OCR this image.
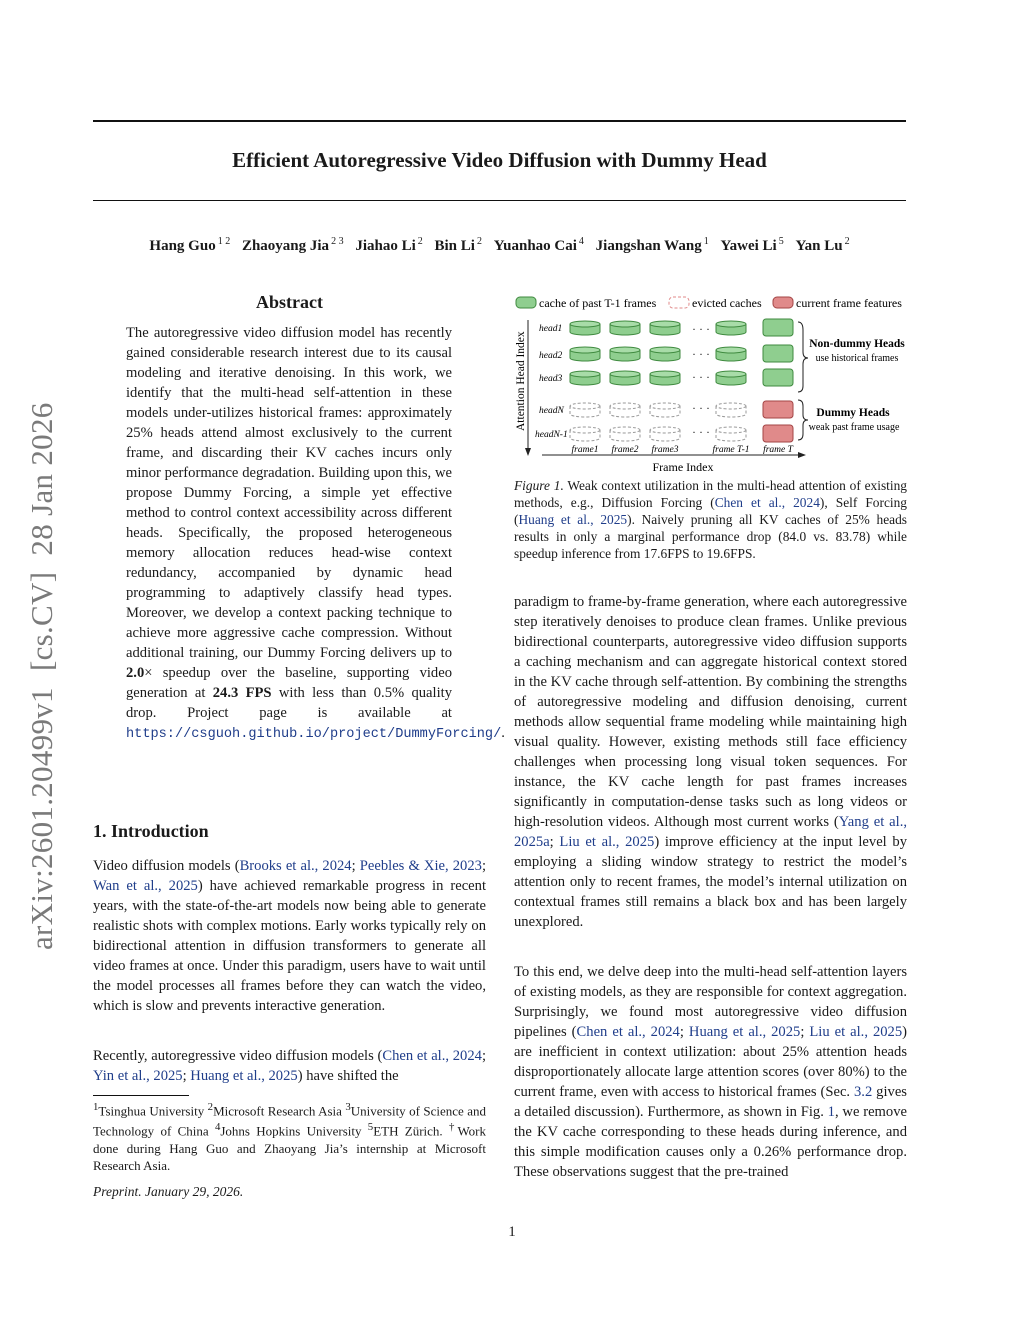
arXiv:2601.20499v1  [cs.CV]  28 Jan 2026
Efficient Autoregressive Video Diffusion with Dummy Head
Hang Guo $^{1 2}$ Zhaoyang Jia $^{2 3}$ Jiahao Li $^2$ Bin Li $^2$ Yuanhao Cai $^4$ Jiangshan Wang $^1$ Yawei Li $^5$ Yan Lu $^2$
Abstract
The autoregressive video diffusion model has recently gained considerable research interest due to its causal modeling and iterative denoising. In this work, we identify that the multi-head self-attention in these models under-utilizes historical frames: approximately 25% heads attend almost exclusively to the current frame, and discarding their KV caches incurs only minor performance degradation. Building upon this, we propose Dummy Forcing, a simple yet effective method to control context accessibility across different heads. Specifically, the proposed heterogeneous memory allocation reduces head-wise context redundancy, accompanied by dynamic head programming to adaptively classify head types. Moreover, we develop a context packing technique to achieve more aggressive cache compression. Without additional training, our Dummy Forcing delivers up to 2.0× speedup over the baseline, supporting video generation at 24.3 FPS with less than 0.5% quality drop. Project page is available at https://csguoh.github.io/project/DummyForcing/.
1. Introduction
Video diffusion models (Brooks et al., 2024; Peebles & Xie, 2023; Wan et al., 2025) have achieved remarkable progress in recent years, with the state-of-the-art models now being able to generate realistic shots with complex motions. Early works typically rely on bidirectional attention in diffusion transformers to generate all video frames at once. Under this paradigm, users have to wait until the model processes all frames before they can watch the video, which is slow and prevents interactive generation.
Recently, autoregressive video diffusion models (Chen et al., 2024; Yin et al., 2025; Huang et al., 2025) have shifted the
$^1$Tsinghua University $^2$Microsoft Research Asia $^3$University of Science and Technology of China $^4$Johns Hopkins University $^5$ETH Zürich. †Work done during Hang Guo and Zhaoyang Jia’s internship at Microsoft Research Asia.
Preprint. January 29, 2026.
cache of past T-1 frames	evicted caches	current frame features
Attention Head Index
head1
head2
head3
headN
headN-1
· · ·
· · ·
· · ·
· · ·
· · ·
Non-dummy Heads
use historical frames
Dummy Heads
weak past frame usage
frame1 frame2 frame3	frame T-1 frame T
Frame Index
Figure 1. Weak context utilization in the multi-head attention of existing methods, e.g., Diffusion Forcing (Chen et al., 2024), Self Forcing (Huang et al., 2025). Naively pruning all KV caches of 25% heads results in only a marginal performance drop (84.0 vs. 83.78) while speedup inference from 17.6FPS to 19.6FPS.
paradigm to frame-by-frame generation, where each autoregressive step iteratively denoises to produce clean frames. Unlike previous bidirectional counterparts, autoregressive video diffusion supports a caching mechanism and can aggregate historical context stored in the KV cache through self-attention. By combining the strengths of autoregressive modeling and diffusion denoising, current methods allow sequential frame modeling while maintaining high visual quality. However, existing methods still face efficiency challenges when processing long visual token sequences. For instance, the KV cache length for past frames increases significantly in computation-dense tasks such as long videos or high-resolution videos. Although most current works (Yang et al., 2025a; Liu et al., 2025) improve efficiency at the input level by employing a sliding window strategy to restrict the model’s attention only to recent frames, the model’s internal utilization on contextual frames still remains a black box and has been largely unexplored.
To this end, we delve deep into the multi-head self-attention layers of existing models, as they are responsible for context aggregation. Surprisingly, we found most autoregressive video diffusion pipelines (Chen et al., 2024; Huang et al., 2025; Liu et al., 2025) are inefficient in context utilization: about 25% attention heads disproportionately allocate large attention scores (over 80%) to the current frame, even with access to historical frames (Sec. 3.2 gives a detailed discussion). Furthermore, as shown in Fig. 1, we remove the KV cache corresponding to these heads during inference, and this simple modification causes only a 0.26% performance drop. These observations suggest that the pre-trained
1
